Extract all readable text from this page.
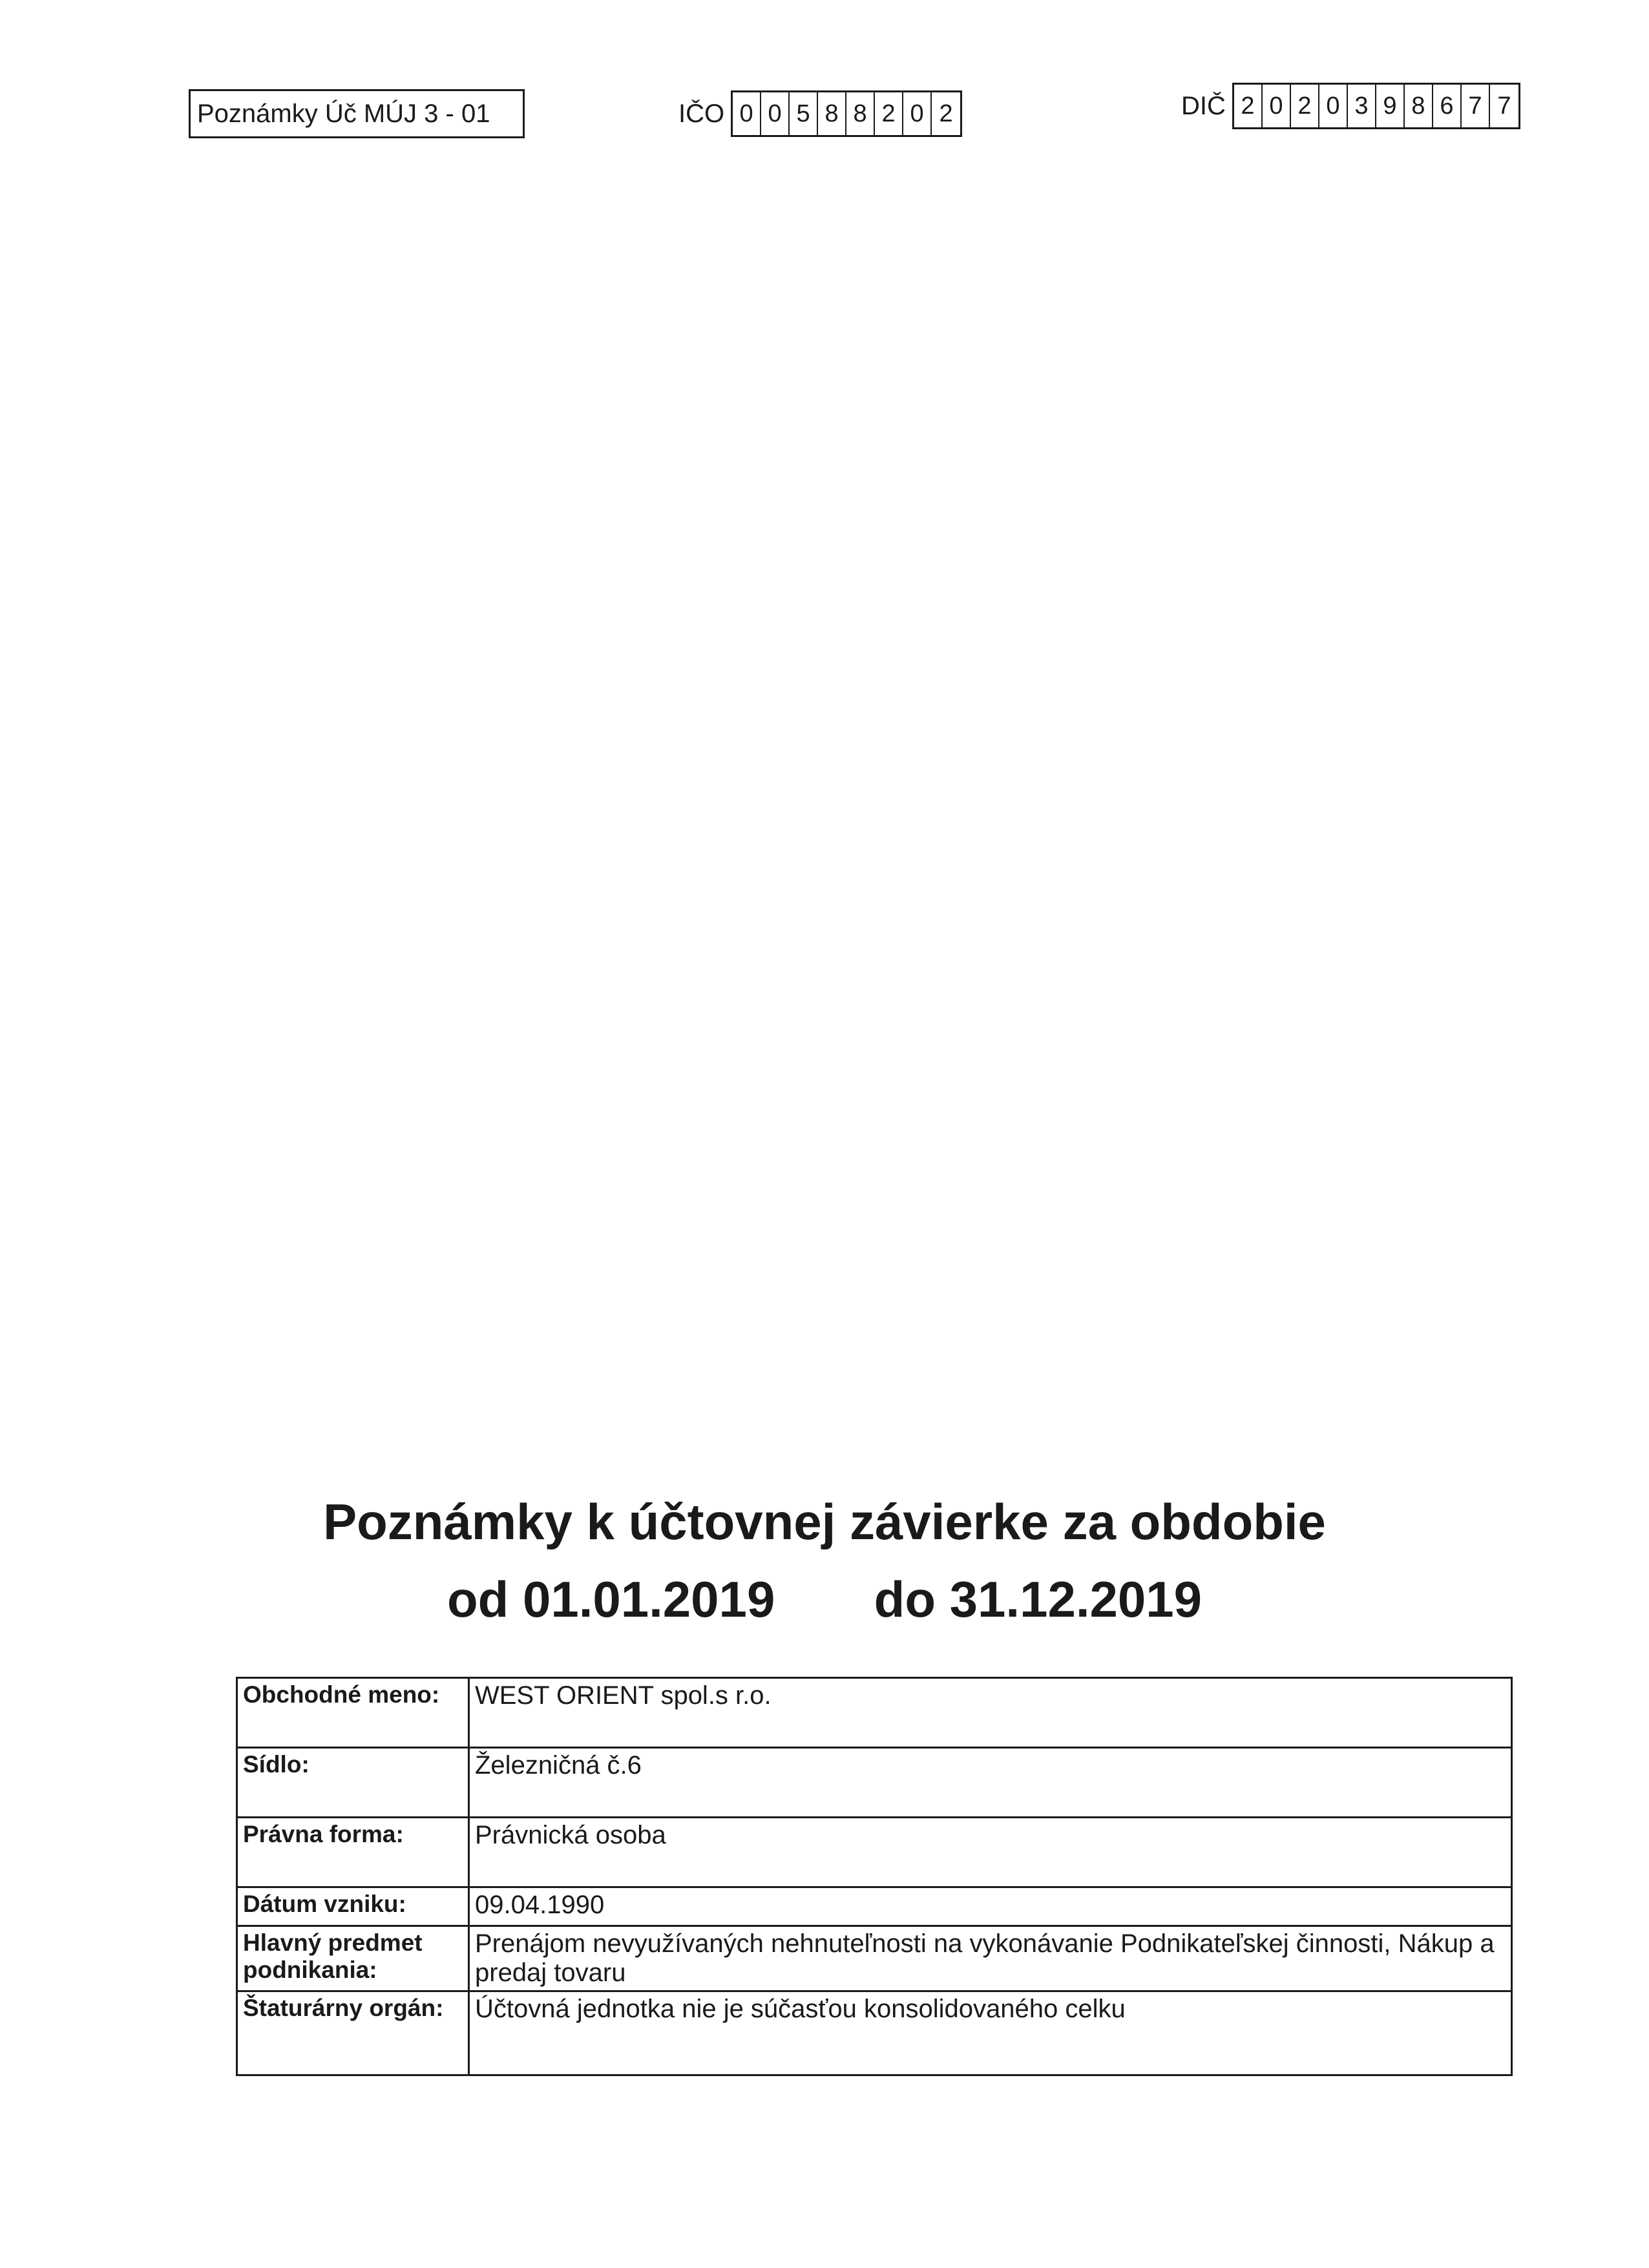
Poznámky Úč MÚJ 3 - 01	IČO 0 0 5 8 8 2 0 2	DIČ 2 0 2 0 3 9 8 6 7 7
Poznámky k účtovnej závierke za obdobie
od 01.01.2019 do 31.12.2019
Obchodné meno:	WEST ORIENT spol.s r.o.
Sídlo:	Železničná č.6
Právna forma:	Právnická osoba
Dátum vzniku:	09.04.1990
Hlavný predmet podnikania:	Prenájom nevyužívaných nehnuteľnosti na vykonávanie Podnikateľskej činnosti, Nákup a predaj tovaru
Štaturárny orgán:	Účtovná jednotka nie je súčasťou konsolidovaného celku
